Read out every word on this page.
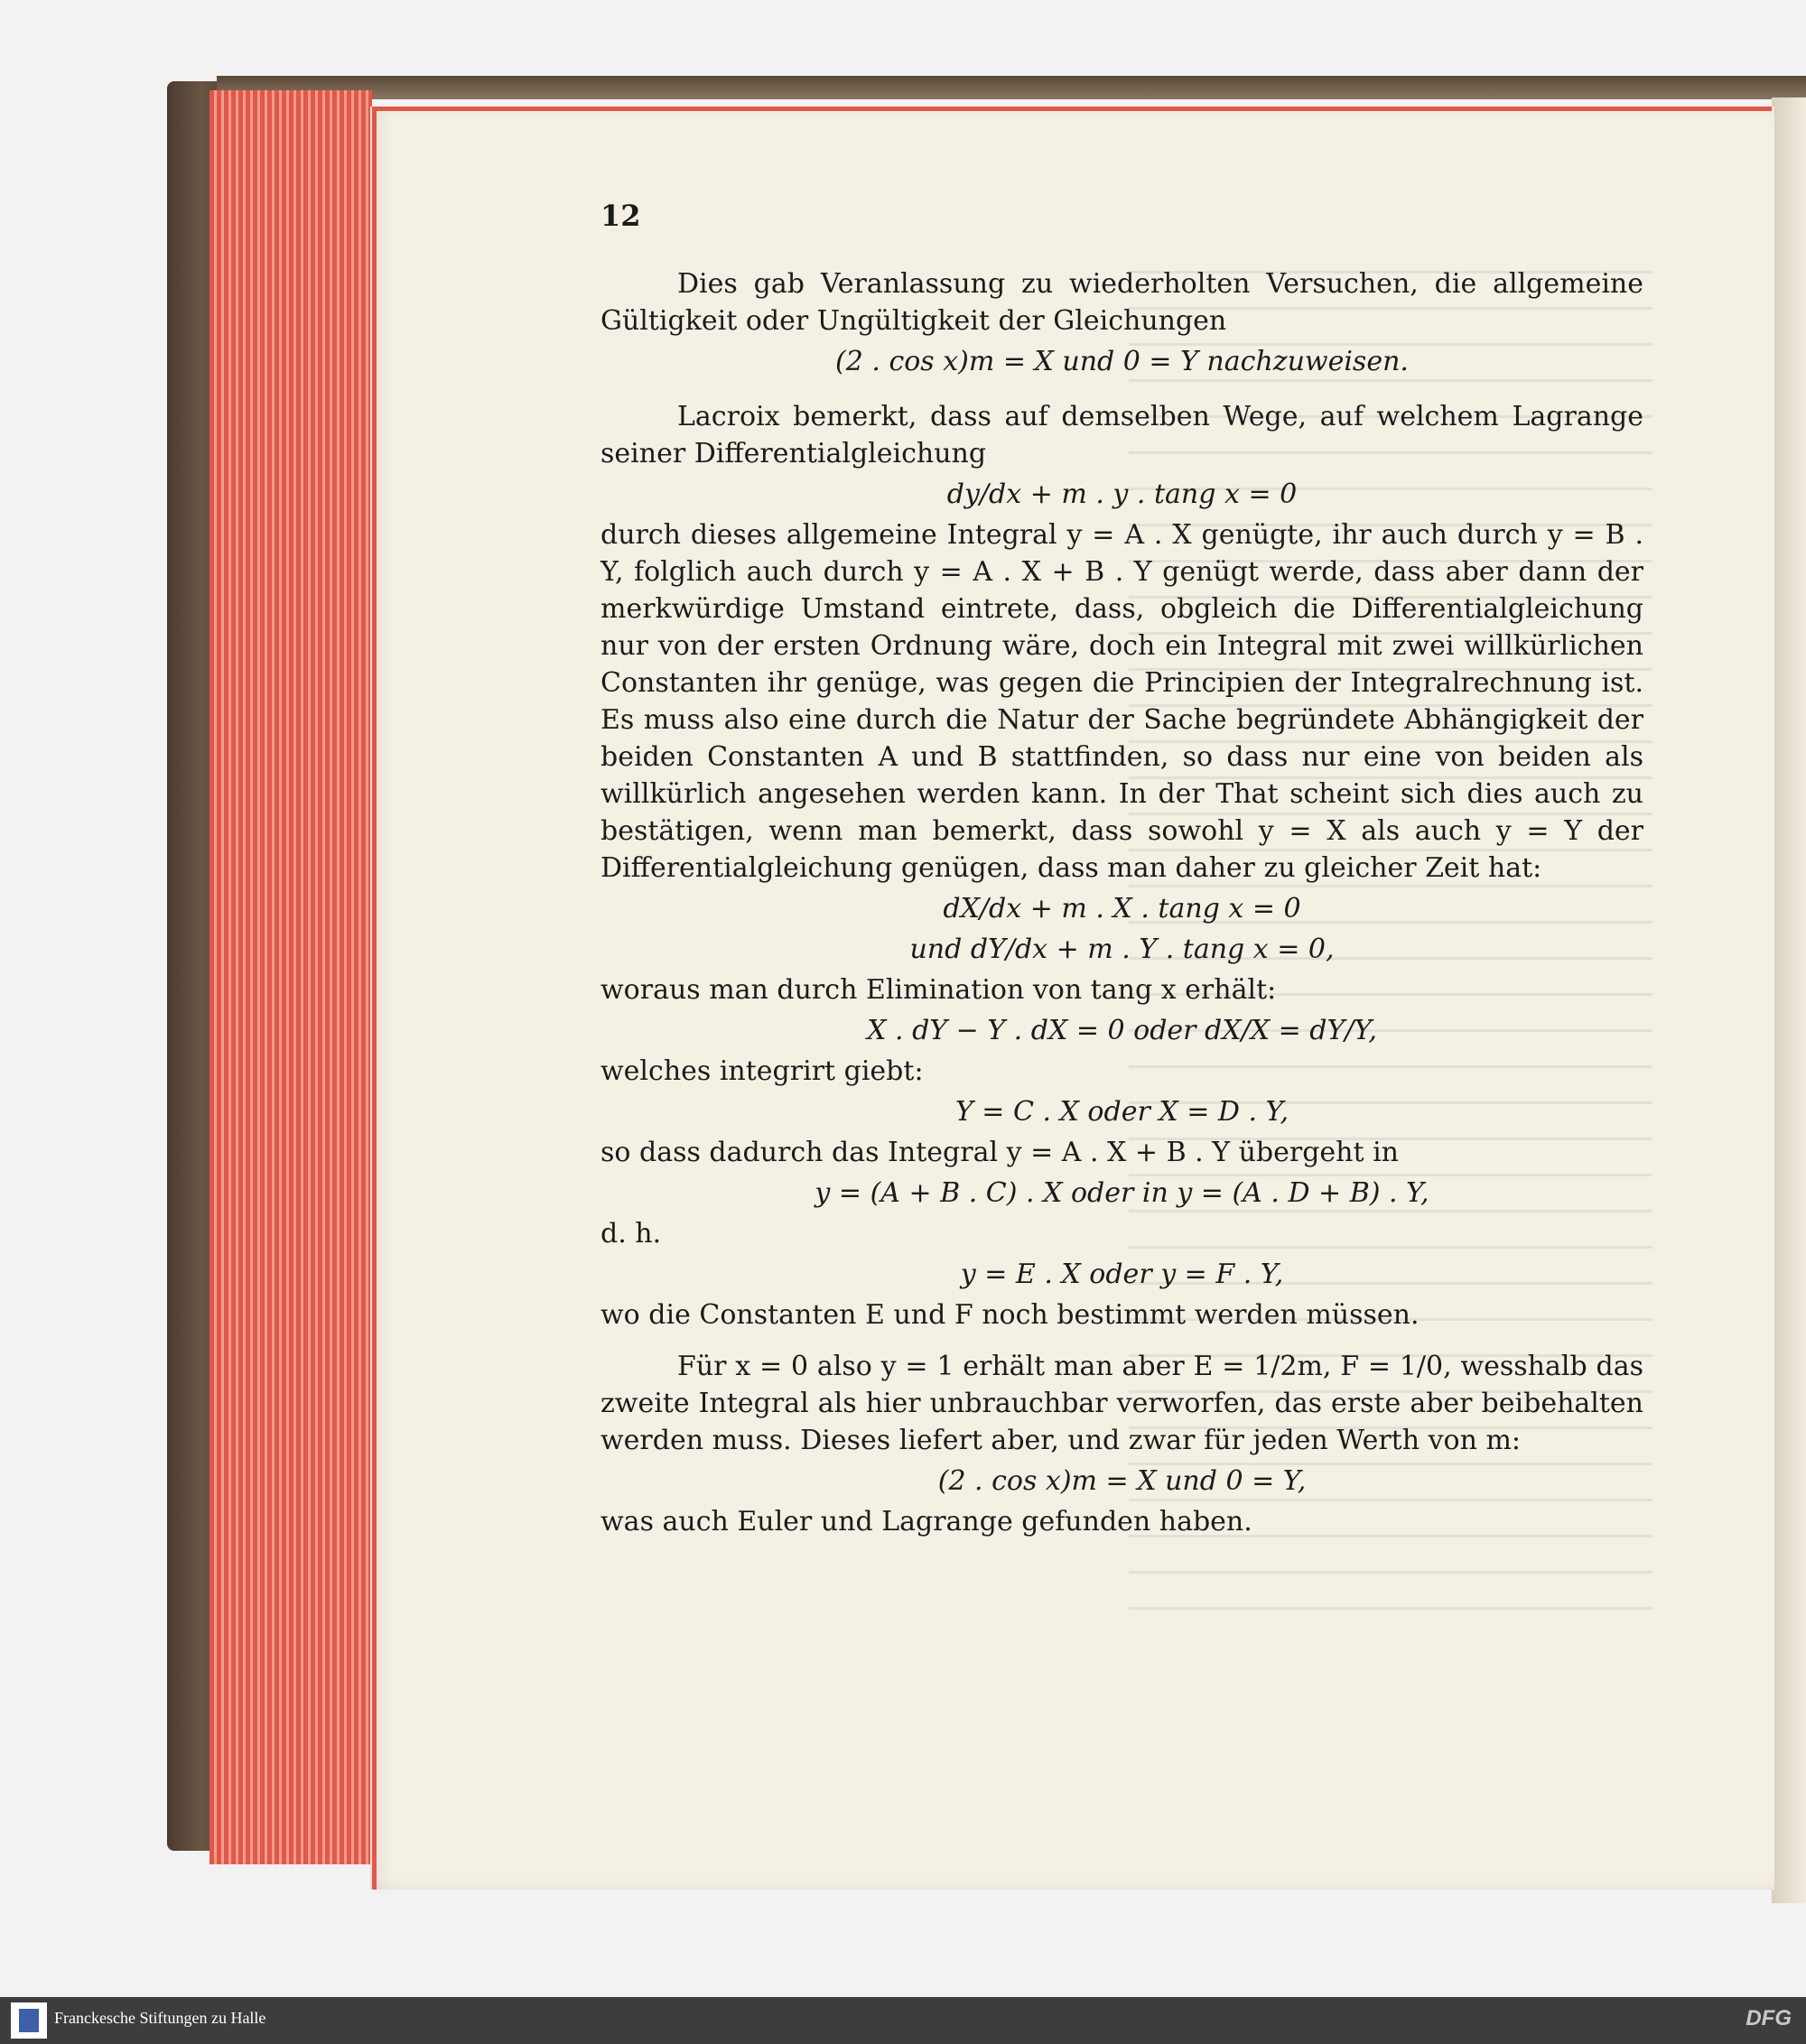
12

Dies gab Veranlassung zu wiederholten Versuchen, die allgemeine Gültigkeit oder Ungültigkeit der Gleichungen

(2 . cos x)m = X und 0 = Y nachzuweisen.

Lacroix bemerkt, dass auf demselben Wege, auf welchem Lagrange seiner Differentialgleichung

dy/dx + m . y . tang x = 0

durch dieses allgemeine Integral y = A . X genügte, ihr auch durch y = B . Y, folglich auch durch y = A . X + B . Y genügt werde, dass aber dann der merkwürdige Umstand eintrete, dass, obgleich die Differentialgleichung nur von der ersten Ordnung wäre, doch ein Integral mit zwei willkürlichen Constanten ihr genüge, was gegen die Principien der Integralrechnung ist. Es muss also eine durch die Natur der Sache begründete Abhängigkeit der beiden Constanten A und B stattfinden, so dass nur eine von beiden als willkürlich angesehen werden kann. In der That scheint sich dies auch zu bestätigen, wenn man bemerkt, dass sowohl y = X als auch y = Y der Differentialgleichung genügen, dass man daher zu gleicher Zeit hat:

dX/dx + m . X . tang x = 0

und dY/dx + m . Y . tang x = 0,

woraus man durch Elimination von tang x erhält:

X . dY − Y . dX = 0 oder dX/X = dY/Y,

welches integrirt giebt:

Y = C . X oder X = D . Y,

so dass dadurch das Integral y = A . X + B . Y übergeht in

y = (A + B . C) . X oder in y = (A . D + B) . Y,

d. h.

y = E . X oder y = F . Y,

wo die Constanten E und F noch bestimmt werden müssen.

Für x = 0 also y = 1 erhält man aber E = 1/2m, F = 1/0, wesshalb das zweite Integral als hier unbrauchbar verworfen, das erste aber beibehalten werden muss. Dieses liefert aber, und zwar für jeden Werth von m:

(2 . cos x)m = X und 0 = Y,

was auch Euler und Lagrange gefunden haben.

Franckesche Stiftungen zu Halle	DFG
